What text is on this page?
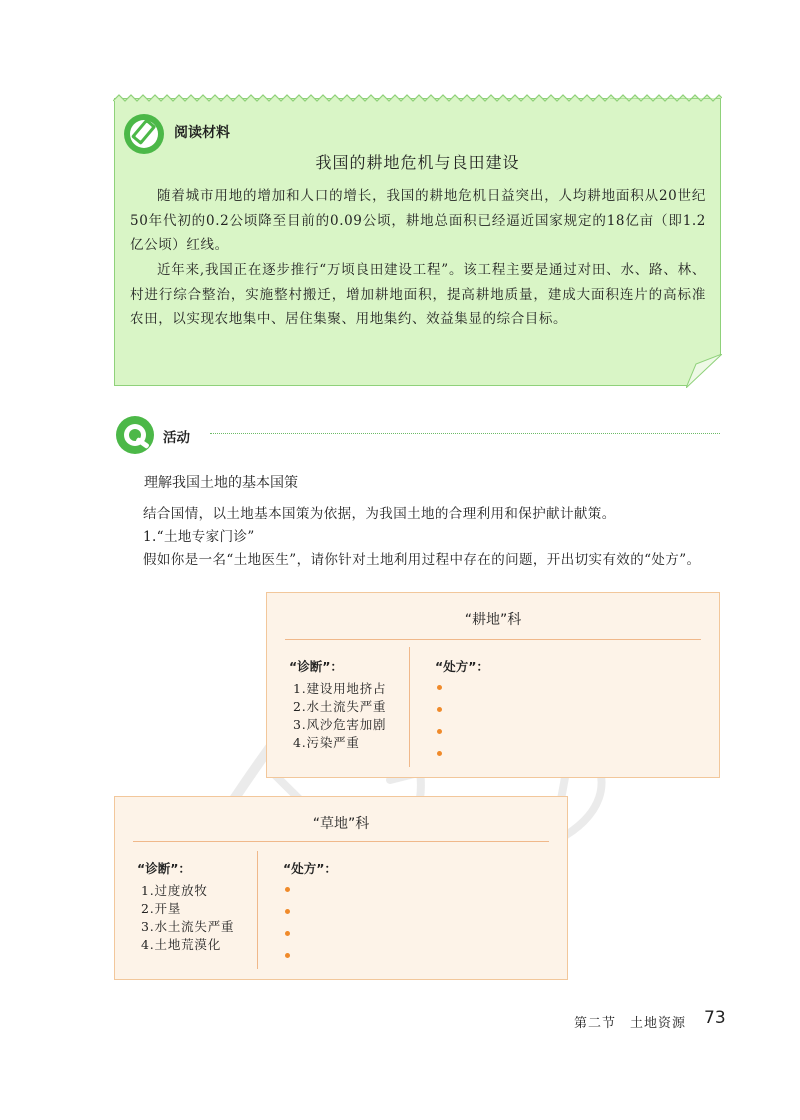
阅读材料
我国的耕地危机与良田建设
随着城市用地的增加和人口的增长，我国的耕地危机日益突出，人均耕地面积从20世纪50年代初的0.2公顷降至目前的0.09公顷，耕地总面积已经逼近国家规定的18亿亩（即1.2亿公顷）红线。
近年来,我国正在逐步推行“万顷良田建设工程”。该工程主要是通过对田、水、路、林、村进行综合整治，实施整村搬迁，增加耕地面积，提高耕地质量，建成大面积连片的高标准农田，以实现农地集中、居住集聚、用地集约、效益集显的综合目标。
活动
理解我国土地的基本国策
结合国情，以土地基本国策为依据，为我国土地的合理利用和保护献计献策。
1.“土地专家门诊”
假如你是一名“土地医生”，请你针对土地利用过程中存在的问题，开出切实有效的“处方”。
“耕地”科
“诊断”：	“处方”：
1.建设用地挤占
2.水土流失严重
3.风沙危害加剧
4.污染严重
“草地”科
“诊断”：	“处方”：
1.过度放牧
2.开垦
3.水土流失严重
4.土地荒漠化
第二节　土地资源 73
